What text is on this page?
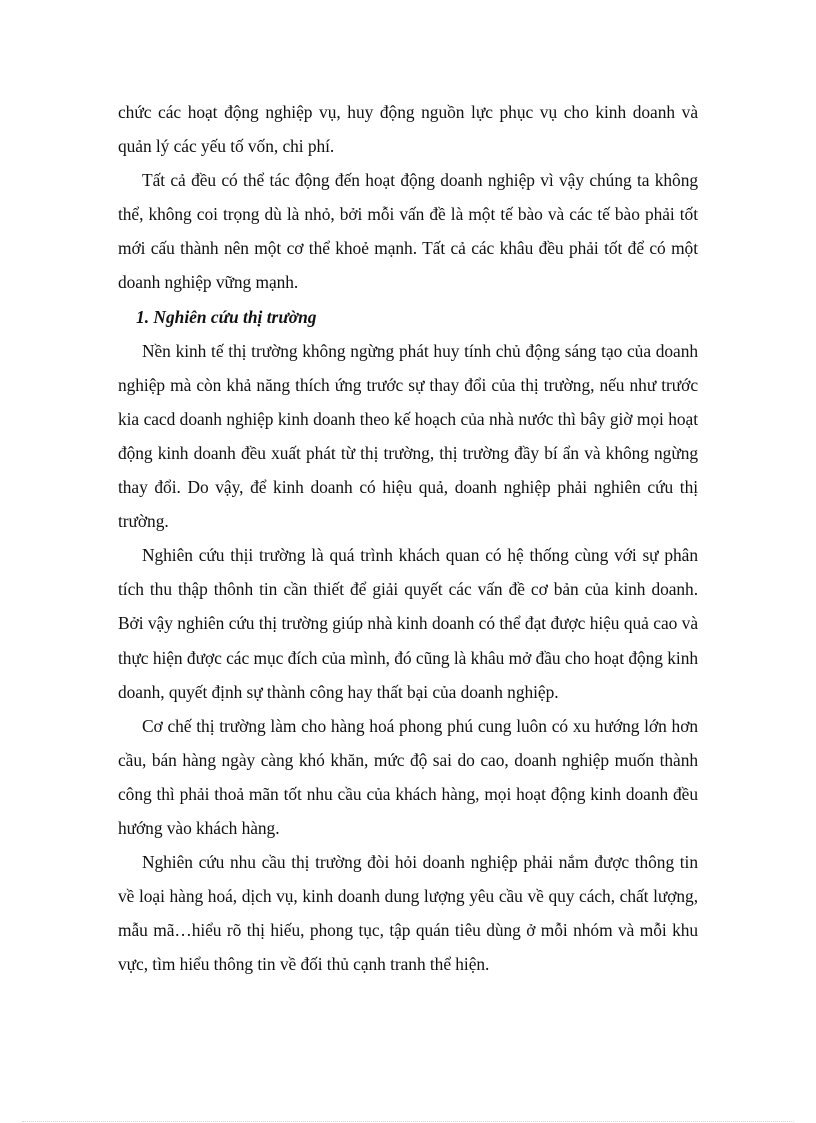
chức các hoạt động nghiệp vụ, huy động nguồn lực phục vụ cho kinh doanh và quản lý các yếu tố vốn, chi phí.

Tất cả đều có thể tác động đến hoạt động doanh nghiệp vì vậy chúng ta không thể, không coi trọng dù là nhỏ, bởi mỗi vấn đề là một tế bào và các tế bào phải tốt mới cấu thành nên một cơ thể khoẻ mạnh. Tất cả các khâu đều phải tốt để có một doanh nghiệp vững mạnh.

1. Nghiên cứu thị trường

Nền kinh tế thị trường không ngừng phát huy tính chủ động sáng tạo của doanh nghiệp mà còn khả năng thích ứng trước sự thay đổi của thị trường, nếu như trước kia cacd doanh nghiệp kinh doanh theo kế hoạch của nhà nước thì bây giờ mọi hoạt động kinh doanh đều xuất phát từ thị trường, thị trường đầy bí ẩn và không ngừng thay đổi. Do vậy, để kinh doanh có hiệu quả, doanh nghiệp phải nghiên cứu thị trường.

Nghiên cứu thịi trường là quá trình khách quan có hệ thống cùng với sự phân tích thu thập thônh tin cần thiết để giải quyết các vấn đề cơ bản của kinh doanh. Bởi vậy nghiên cứu thị trường giúp nhà kinh doanh có thể đạt được hiệu quả cao và thực hiện được các mục đích của mình, đó cũng là khâu mở đầu cho hoạt động kinh doanh, quyết định sự thành công hay thất bại của doanh nghiệp.

Cơ chế thị trường làm cho hàng hoá phong phú cung luôn có xu hướng lớn hơn cầu, bán hàng ngày càng khó khăn, mức độ sai do cao, doanh nghiệp muốn thành công thì phải thoả mãn tốt nhu cầu của khách hàng, mọi hoạt động kinh doanh đều hướng vào khách hàng.

Nghiên cứu nhu cầu thị trường đòi hỏi doanh nghiệp phải nắm được thông tin về loại hàng hoá, dịch vụ, kinh doanh dung lượng yêu cầu về quy cách, chất lượng, mẫu mã…hiểu rõ thị hiếu, phong tục, tập quán tiêu dùng ở mỗi nhóm và mỗi khu vực, tìm hiểu thông tin về đối thủ cạnh tranh thể hiện.
